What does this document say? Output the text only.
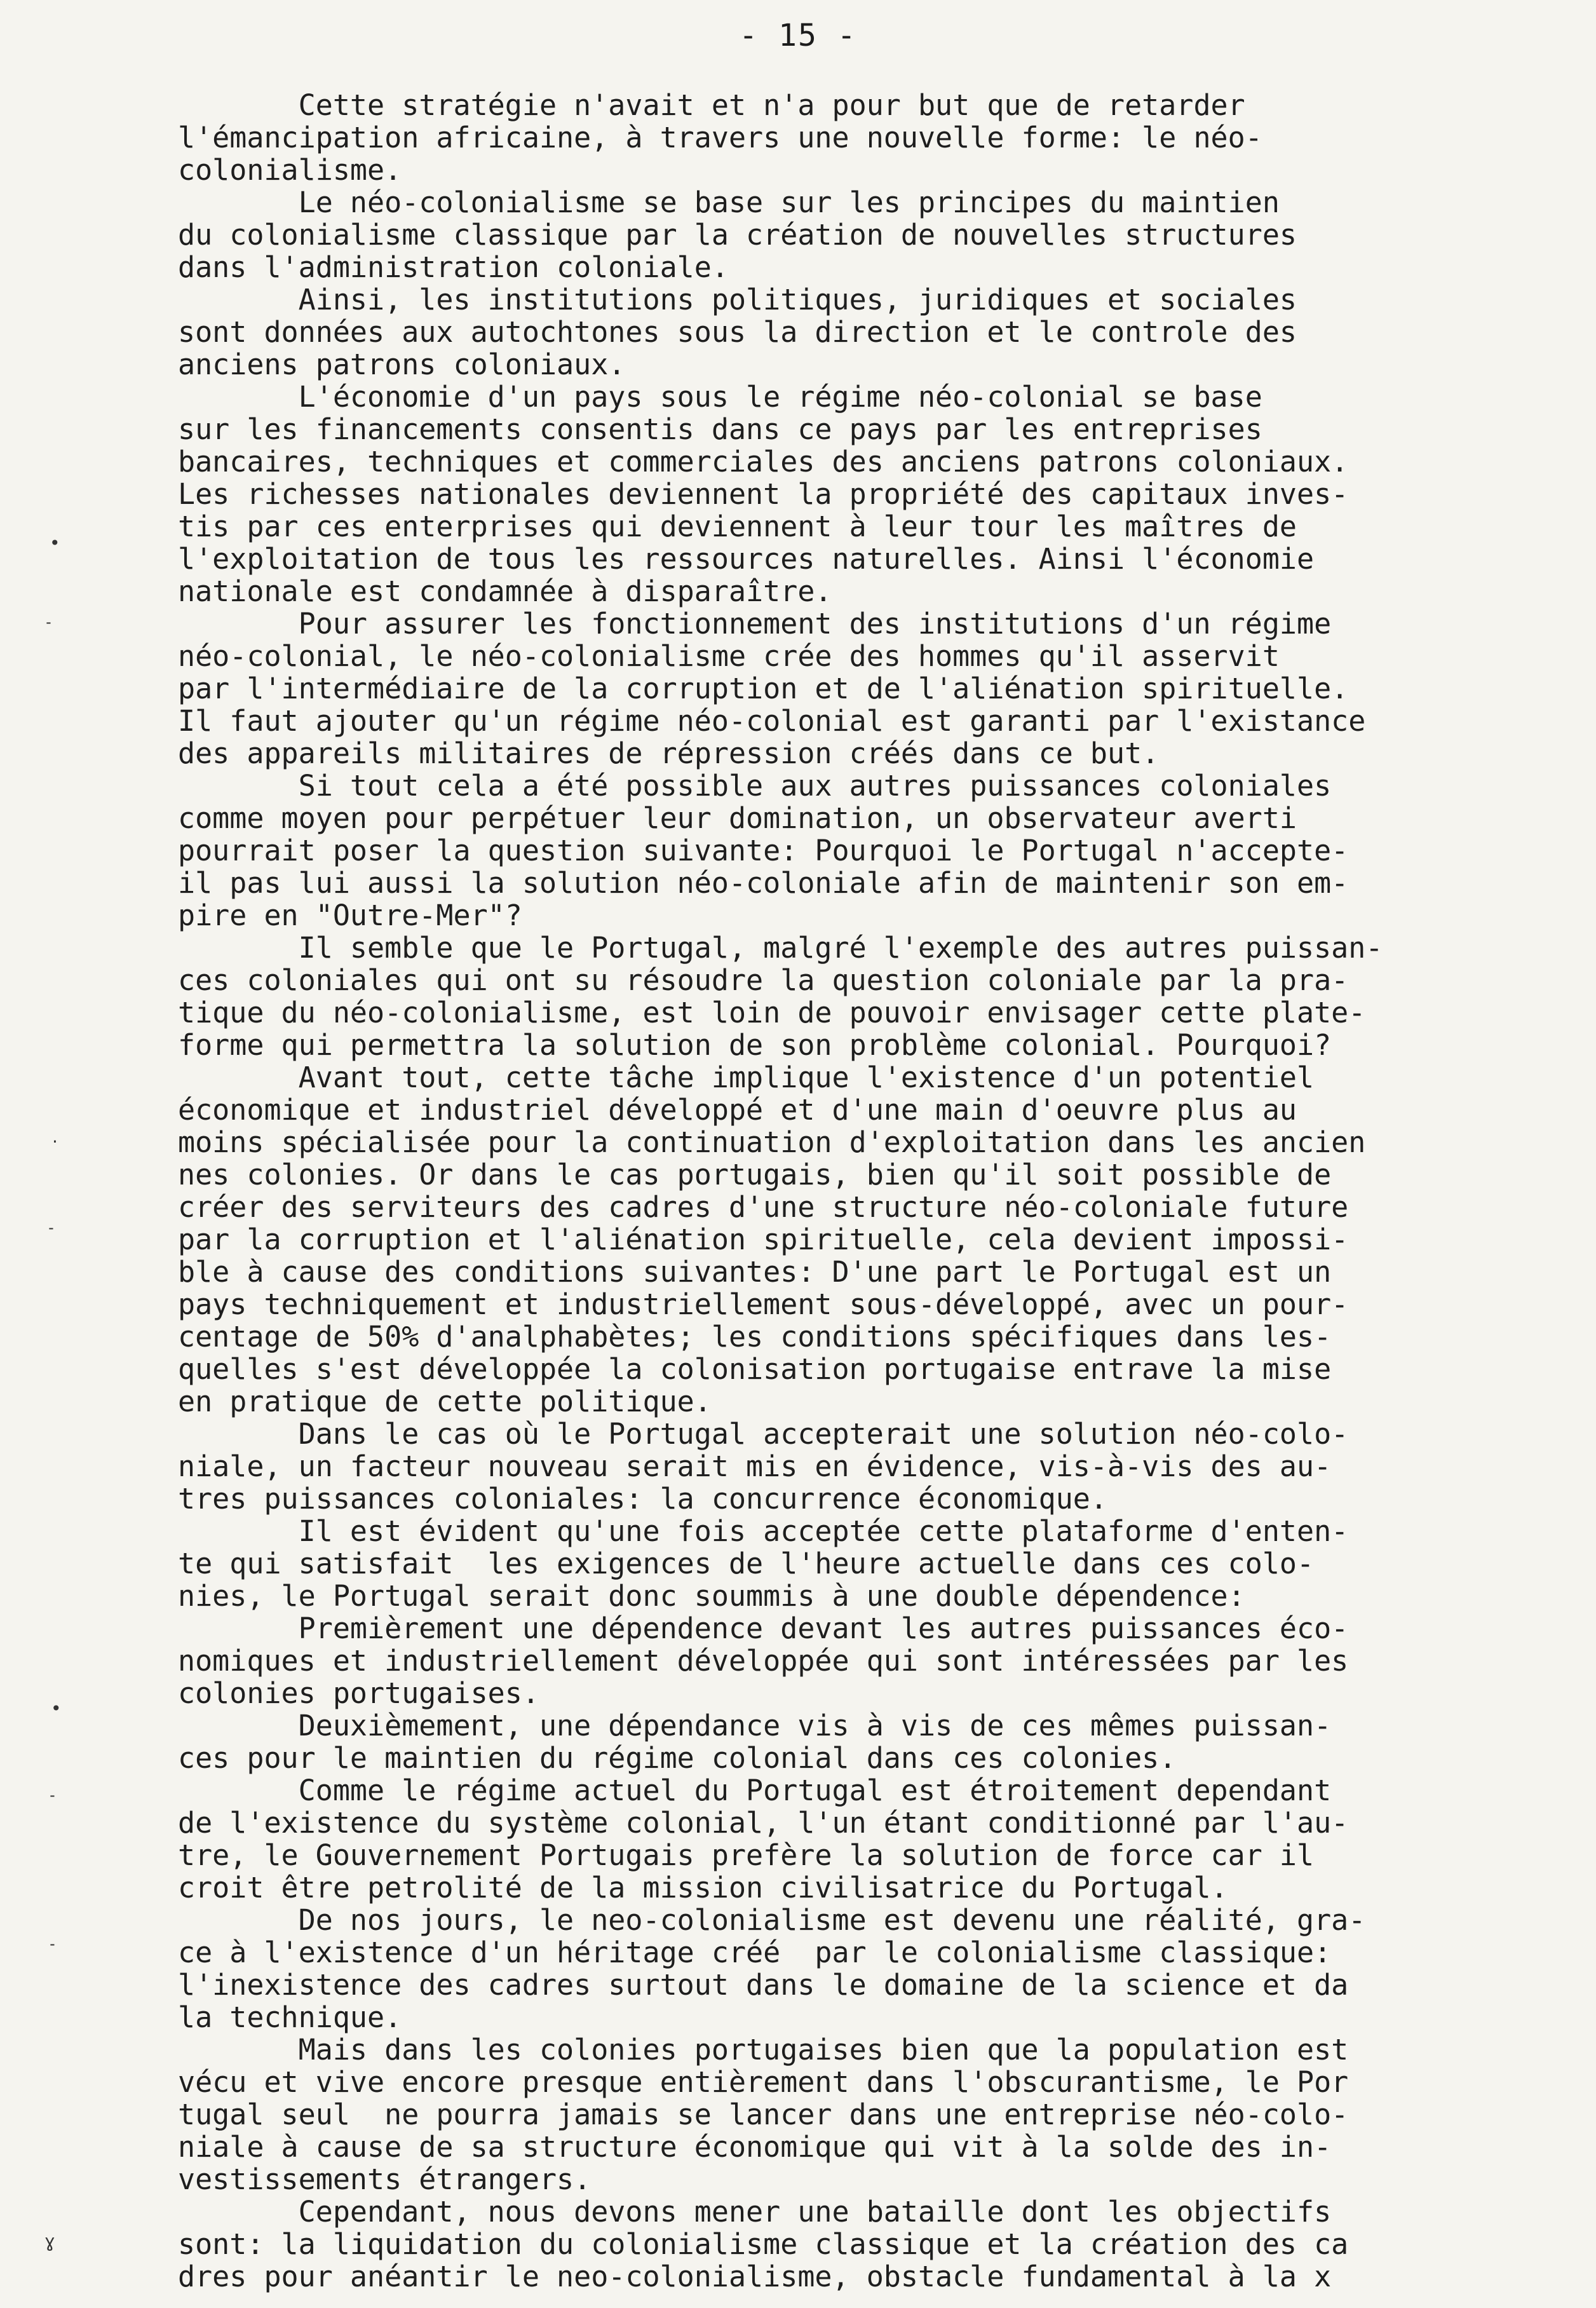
- 15 -
•
˗
·
˗
•
˗
˗
ɣ
Cette stratégie n'avait et n'a pour but que de retarder
l'émancipation africaine, à travers une nouvelle forme: le néo-
colonialisme.
Le néo-colonialisme se base sur les principes du maintien
du colonialisme classique par la création de nouvelles structures
dans l'administration coloniale.
Ainsi, les institutions politiques, juridiques et sociales
sont données aux autochtones sous la direction et le controle des
anciens patrons coloniaux.
L'économie d'un pays sous le régime néo-colonial se base
sur les financements consentis dans ce pays par les entreprises
bancaires, techniques et commerciales des anciens patrons coloniaux.
Les richesses nationales deviennent la propriété des capitaux inves-
tis par ces enterprises qui deviennent à leur tour les maîtres de
l'exploitation de tous les ressources naturelles. Ainsi l'économie
nationale est condamnée à disparaître.
Pour assurer les fonctionnement des institutions d'un régime
néo-colonial, le néo-colonialisme crée des hommes qu'il asservit
par l'intermédiaire de la corruption et de l'aliénation spirituelle.
Il faut ajouter qu'un régime néo-colonial est garanti par l'existance
des appareils militaires de répression créés dans ce but.
Si tout cela a été possible aux autres puissances coloniales
comme moyen pour perpétuer leur domination, un observateur averti
pourrait poser la question suivante: Pourquoi le Portugal n'accepte-
il pas lui aussi la solution néo-coloniale afin de maintenir son em-
pire en "Outre-Mer"?
Il semble que le Portugal, malgré l'exemple des autres puissan-
ces coloniales qui ont su résoudre la question coloniale par la pra-
tique du néo-colonialisme, est loin de pouvoir envisager cette plate-
forme qui permettra la solution de son problème colonial. Pourquoi?
Avant tout, cette tâche implique l'existence d'un potentiel
économique et industriel développé et d'une main d'oeuvre plus au
moins spécialisée pour la continuation d'exploitation dans les ancien
nes colonies. Or dans le cas portugais, bien qu'il soit possible de
créer des serviteurs des cadres d'une structure néo-coloniale future
par la corruption et l'aliénation spirituelle, cela devient impossi-
ble à cause des conditions suivantes: D'une part le Portugal est un
pays techniquement et industriellement sous-développé, avec un pour-
centage de 50% d'analphabètes; les conditions spécifiques dans les-
quelles s'est développée la colonisation portugaise entrave la mise
en pratique de cette politique.
Dans le cas où le Portugal accepterait une solution néo-colo-
niale, un facteur nouveau serait mis en évidence, vis-à-vis des au-
tres puissances coloniales: la concurrence économique.
Il est évident qu'une fois acceptée cette plataforme d'enten-
te qui satisfait  les exigences de l'heure actuelle dans ces colo-
nies, le Portugal serait donc soummis à une double dépendence:
Premièrement une dépendence devant les autres puissances éco-
nomiques et industriellement développée qui sont intéressées par les
colonies portugaises.
Deuxièmement, une dépendance vis à vis de ces mêmes puissan-
ces pour le maintien du régime colonial dans ces colonies.
Comme le régime actuel du Portugal est étroitement dependant
de l'existence du système colonial, l'un étant conditionné par l'au-
tre, le Gouvernement Portugais prefère la solution de force car il
croit être petrolité de la mission civilisatrice du Portugal.
De nos jours, le neo-colonialisme est devenu une réalité, gra-
ce à l'existence d'un héritage créé  par le colonialisme classique:
l'inexistence des cadres surtout dans le domaine de la science et da
la technique.
Mais dans les colonies portugaises bien que la population est
vécu et vive encore presque entièrement dans l'obscurantisme, le Por
tugal seul  ne pourra jamais se lancer dans une entreprise néo-colo-
niale à cause de sa structure économique qui vit à la solde des in-
vestissements étrangers.
Cependant, nous devons mener une bataille dont les objectifs
sont: la liquidation du colonialisme classique et la création des ca
dres pour anéantir le neo-colonialisme, obstacle fundamental à la x
